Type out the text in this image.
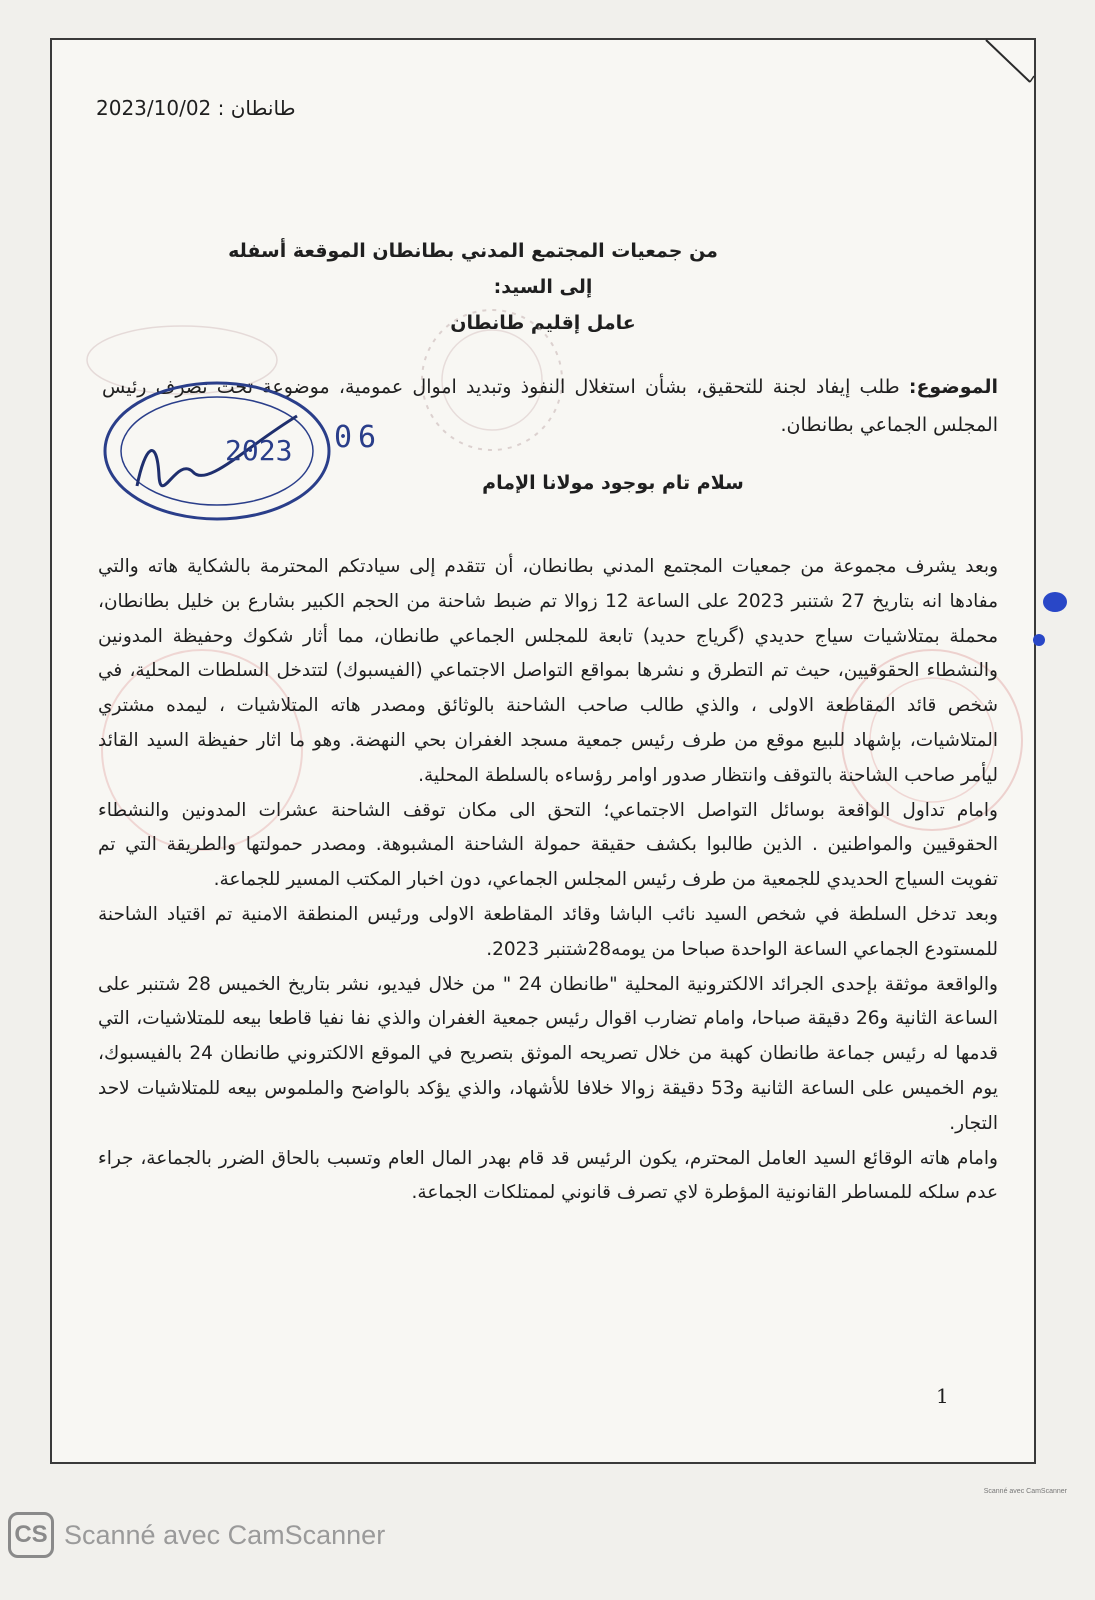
طانطان : 2023/10/02
من جمعيات المجتمع المدني بطانطان الموقعة أسفله
إلى السيد:
عامل إقليم طانطان
الموضوع: طلب إيفاد لجنة للتحقيق، بشأن استغلال النفوذ وتبديد اموال عمومية، موضوعة تحت تصرف رئيس المجلس الجماعي بطانطان.
2023 06
سلام تام بوجود مولانا الإمام

وبعد يشرف مجموعة من جمعيات المجتمع المدني بطانطان، أن تتقدم إلى سيادتكم المحترمة بالشكاية هاته والتي مفادها انه بتاريخ 27 شتنبر 2023 على الساعة 12 زوالا تم ضبط شاحنة من الحجم الكبير بشارع بن خليل بطانطان، محملة بمتلاشيات سياج حديدي (گرياج حديد) تابعة للمجلس الجماعي طانطان، مما أثار شكوك وحفيظة المدونين والنشطاء الحقوقيين، حيث تم التطرق و نشرها بمواقع التواصل الاجتماعي (الفيسبوك) لتتدخل السلطات المحلية، في شخص قائد المقاطعة الاولى ، والذي طالب صاحب الشاحنة بالوثائق ومصدر هاته المتلاشيات ، ليمده مشتري المتلاشيات، بإشهاد للبيع موقع من طرف رئيس جمعية مسجد الغفران بحي النهضة. وهو ما اثار حفيظة السيد القائد ليأمر صاحب الشاحنة بالتوقف وانتظار صدور اوامر رؤساءه بالسلطة المحلية.

وامام تداول الواقعة بوسائل التواصل الاجتماعي؛ التحق الى مكان توقف الشاحنة عشرات المدونين والنشطاء الحقوقيين والمواطنين . الذين طالبوا بكشف حقيقة حمولة الشاحنة المشبوهة. ومصدر حمولتها والطريقة التي تم تفويت السياج الحديدي للجمعية من طرف رئيس المجلس الجماعي، دون اخبار المكتب المسير للجماعة.

وبعد تدخل السلطة في شخص السيد نائب الباشا وقائد المقاطعة الاولى ورئيس المنطقة الامنية تم اقتياد الشاحنة للمستودع الجماعي الساعة الواحدة صباحا من يومه28شتنبر 2023.

والواقعة موثقة بإحدى الجرائد الالكترونية المحلية "طانطان 24 " من خلال فيديو، نشر بتاريخ الخميس 28 شتنبر على الساعة الثانية و26 دقيقة صباحا، وامام تضارب اقوال رئيس جمعية الغفران والذي نفا نفيا قاطعا بيعه للمتلاشيات، التي قدمها له رئيس جماعة طانطان كهبة من خلال تصريحه الموثق بتصريح في الموقع الالكتروني طانطان 24 بالفيسبوك، يوم الخميس على الساعة الثانية و53 دقيقة زوالا خلافا للأشهاد، والذي يؤكد بالواضح والملموس بيعه للمتلاشيات لاحد التجار.

وامام هاته الوقائع السيد العامل المحترم، يكون الرئيس قد قام بهدر المال العام وتسبب بالحاق الضرر بالجماعة، جراء عدم سلكه للمساطر القانونية المؤطرة لاي تصرف قانوني لممتلكات الجماعة.

1
Scanné avec CamScanner
CS Scanné avec CamScanner
